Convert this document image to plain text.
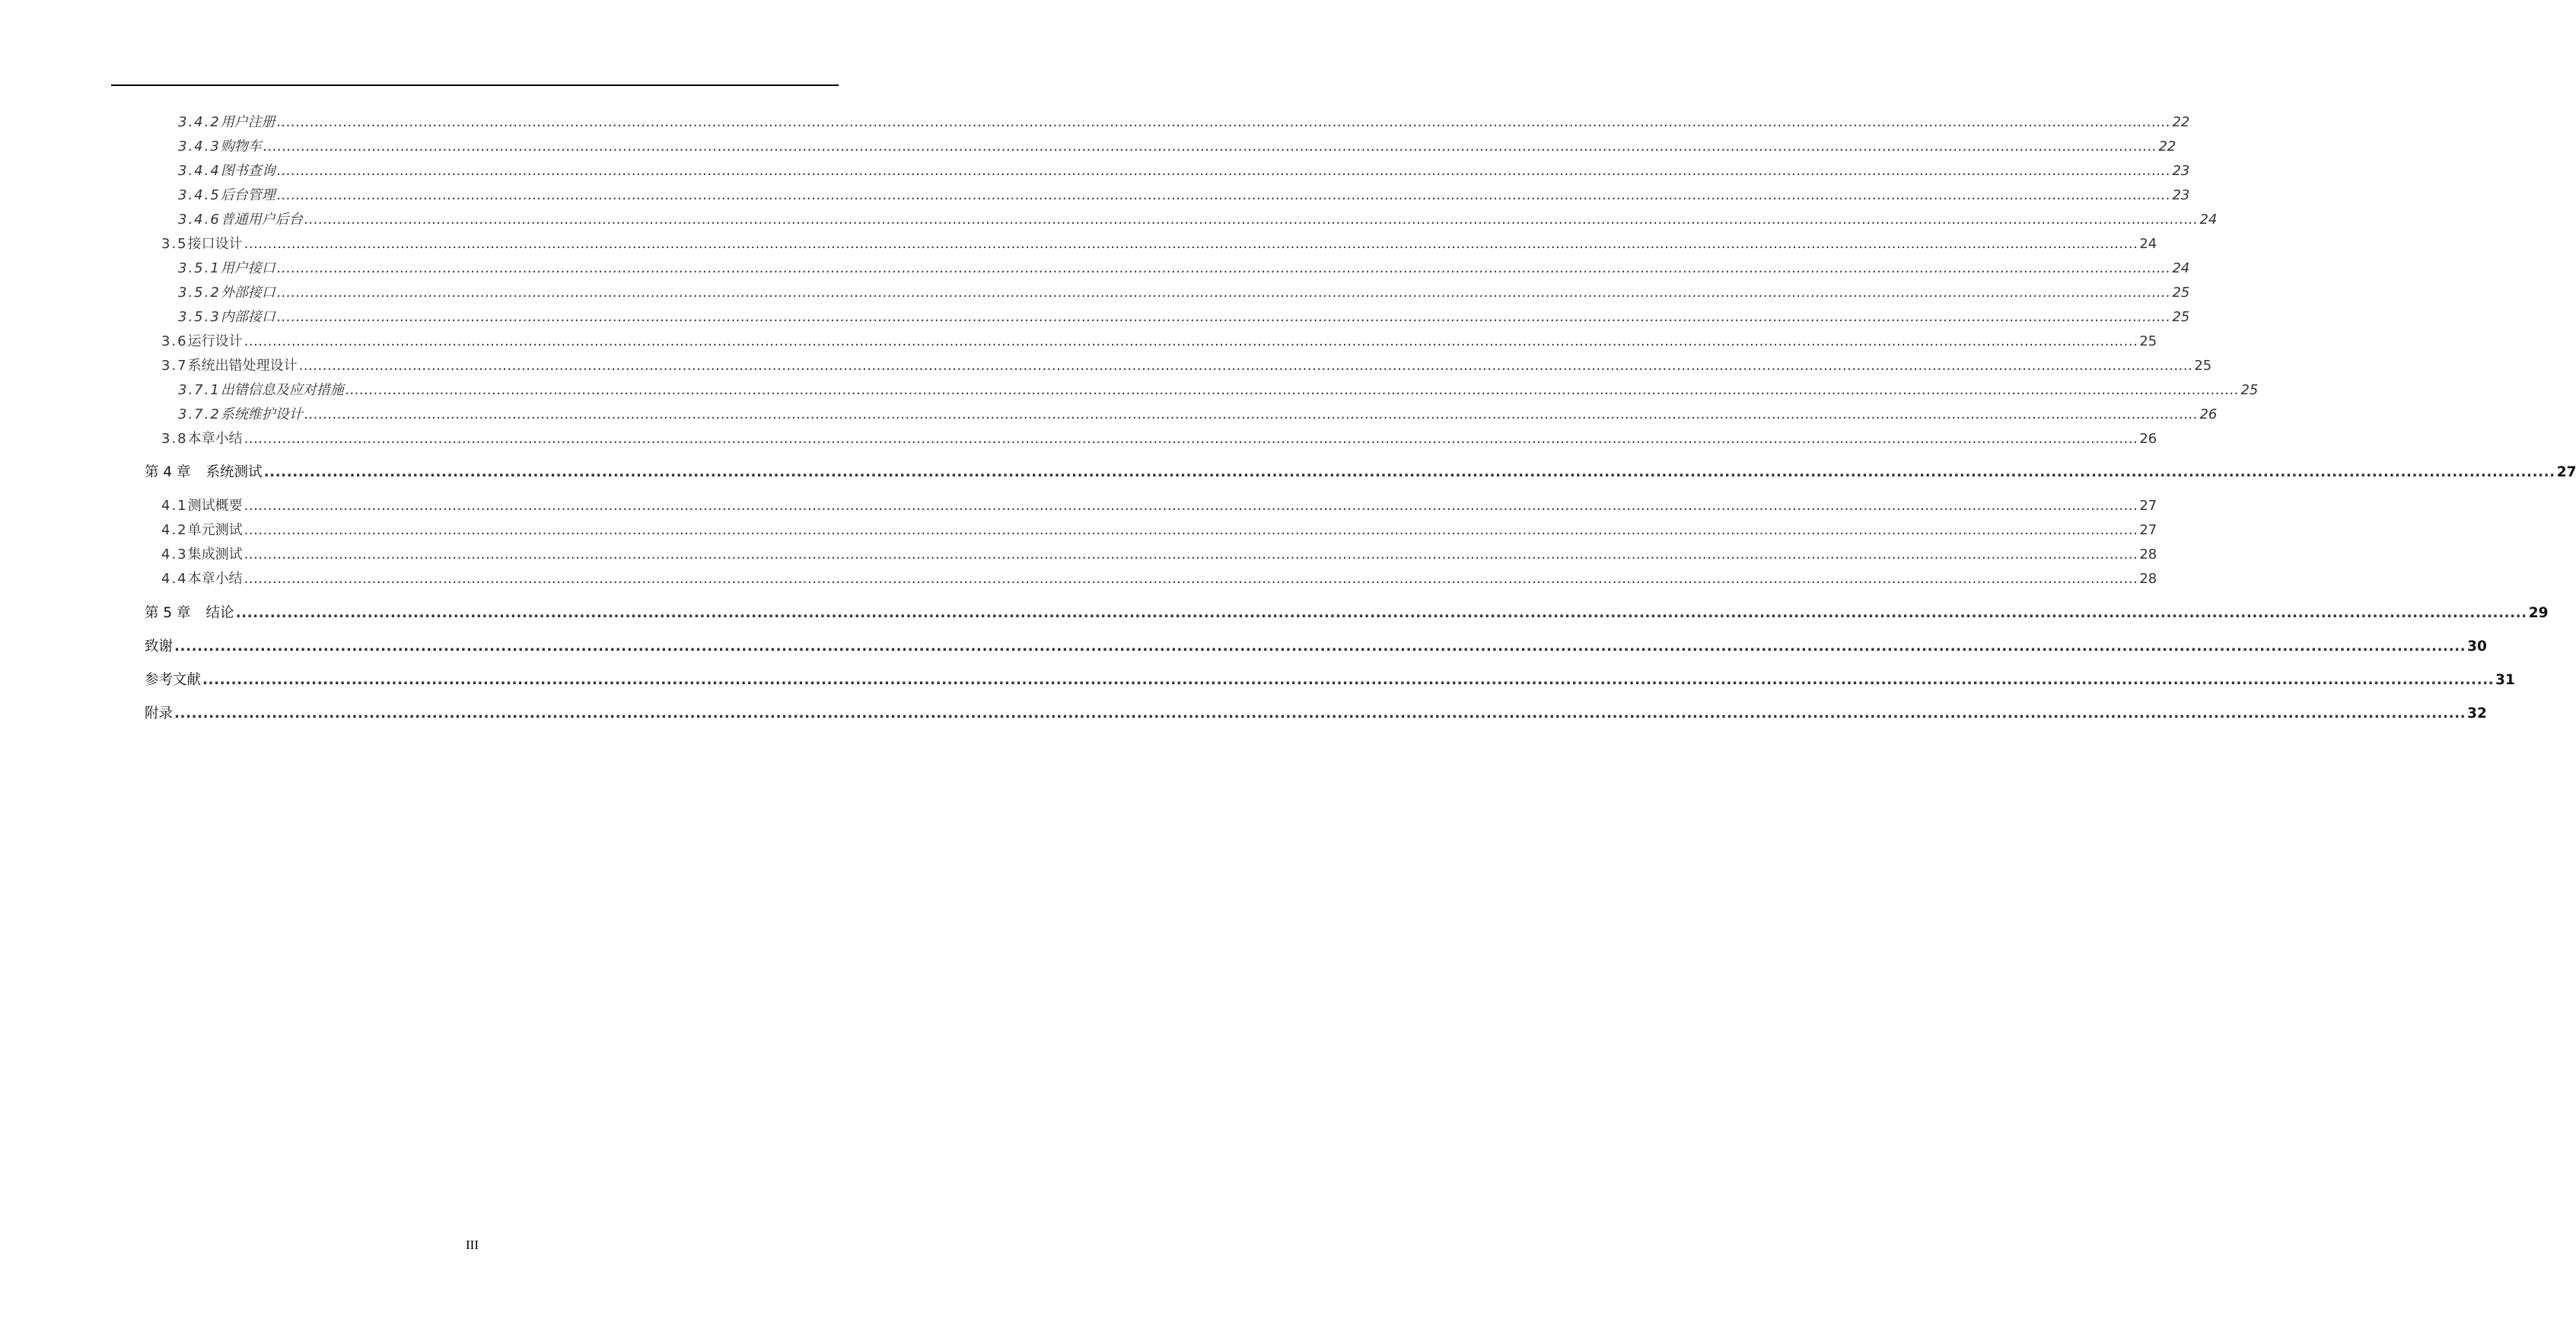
3.4.2 用户注册 ................................................................................................................................................................................................................................................................................................................................................................................................................ 22
3.4.3 购物车 ................................................................................................................................................................................................................................................................................................................................................................................................................ 22
3.4.4 图书查询 ................................................................................................................................................................................................................................................................................................................................................................................................................ 23
3.4.5 后台管理 ................................................................................................................................................................................................................................................................................................................................................................................................................ 23
3.4.6 普通用户后台 ................................................................................................................................................................................................................................................................................................................................................................................................................ 24
3.5 接口设计 ................................................................................................................................................................................................................................................................................................................................................................................................................ 24
3.5.1 用户接口 ................................................................................................................................................................................................................................................................................................................................................................................................................ 24
3.5.2 外部接口 ................................................................................................................................................................................................................................................................................................................................................................................................................ 25
3.5.3 内部接口 ................................................................................................................................................................................................................................................................................................................................................................................................................ 25
3.6 运行设计 ................................................................................................................................................................................................................................................................................................................................................................................................................ 25
3.7 系统出错处理设计 ................................................................................................................................................................................................................................................................................................................................................................................................................ 25
3.7.1 出错信息及应对措施 ................................................................................................................................................................................................................................................................................................................................................................................................................ 25
3.7.2 系统维护设计 ................................................................................................................................................................................................................................................................................................................................................................................................................ 26
3.8 本章小结 ................................................................................................................................................................................................................................................................................................................................................................................................................ 26
第 4 章 系统测试 ................................................................................................................................................................................................................................................................................................................................................................................................................ 27
4.1 测试概要 ................................................................................................................................................................................................................................................................................................................................................................................................................ 27
4.2 单元测试 ................................................................................................................................................................................................................................................................................................................................................................................................................ 27
4.3 集成测试 ................................................................................................................................................................................................................................................................................................................................................................................................................ 28
4.4 本章小结 ................................................................................................................................................................................................................................................................................................................................................................................................................ 28
第 5 章 结论 ................................................................................................................................................................................................................................................................................................................................................................................................................ 29
致谢 ................................................................................................................................................................................................................................................................................................................................................................................................................ 30
参考文献 ................................................................................................................................................................................................................................................................................................................................................................................................................ 31
附录 ................................................................................................................................................................................................................................................................................................................................................................................................................ 32
III
